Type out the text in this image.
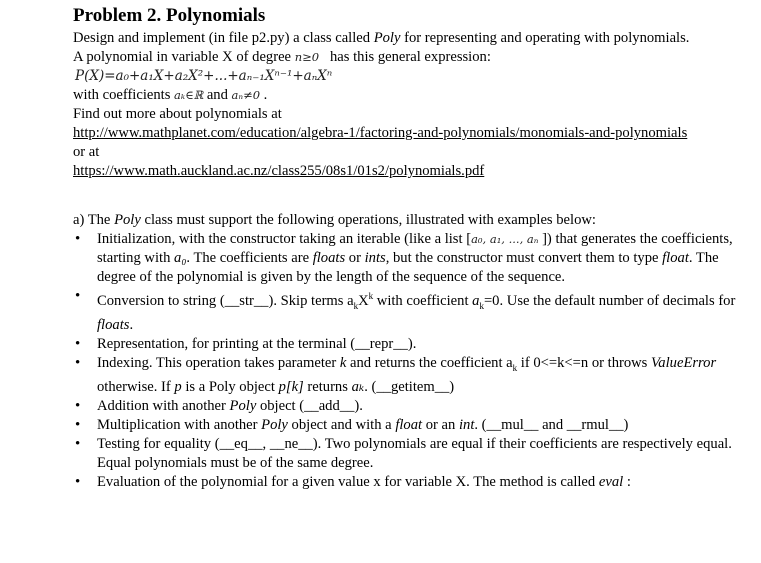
Problem 2. Polynomials

Design and implement (in file p2.py) a class called Poly for representing and operating with polynomials.

A polynomial in variable X of degree n≥0   has this general expression:

P(X)=a₀+a₁X+a₂X²+...+aₙ₋₁Xⁿ⁻¹+aₙXⁿ

with coefficients aₖ∈ℝ and aₙ≠0 .

Find out more about polynomials at

http://www.mathplanet.com/education/algebra-1/factoring-and-polynomials/monomials-and-polynomials

or at

https://www.math.auckland.ac.nz/class255/08s1/01s2/polynomials.pdf

a) The Poly class must support the following operations, illustrated with examples below:

• Initialization, with the constructor taking an iterable (like a list [a₀, a₁, ..., aₙ ]) that generates the coefficients, starting with a₀. The coefficients are floats or ints, but the constructor must convert them to type float. The degree of the polynomial is given by the length of the sequence of the sequence.
• Conversion to string (__str__). Skip terms $a_kX^k$ with coefficient $a_k=0$. Use the default number of decimals for floats.
• Representation, for printing at the terminal (__repr__).
• Indexing. This operation takes parameter k and returns the coefficient $a_k$ if 0<=k<=n or throws ValueError otherwise. If p is a Poly object p[k] returns aₖ. (__getitem__)
• Addition with another Poly object (__add__).
• Multiplication with another Poly object and with a float or an int. (__mul__ and __rmul__)
• Testing for equality (__eq__, __ne__). Two polynomials are equal if their coefficients are respectively equal. Equal polynomials must be of the same degree.
• Evaluation of the polynomial for a given value x for variable X. The method is called eval :
